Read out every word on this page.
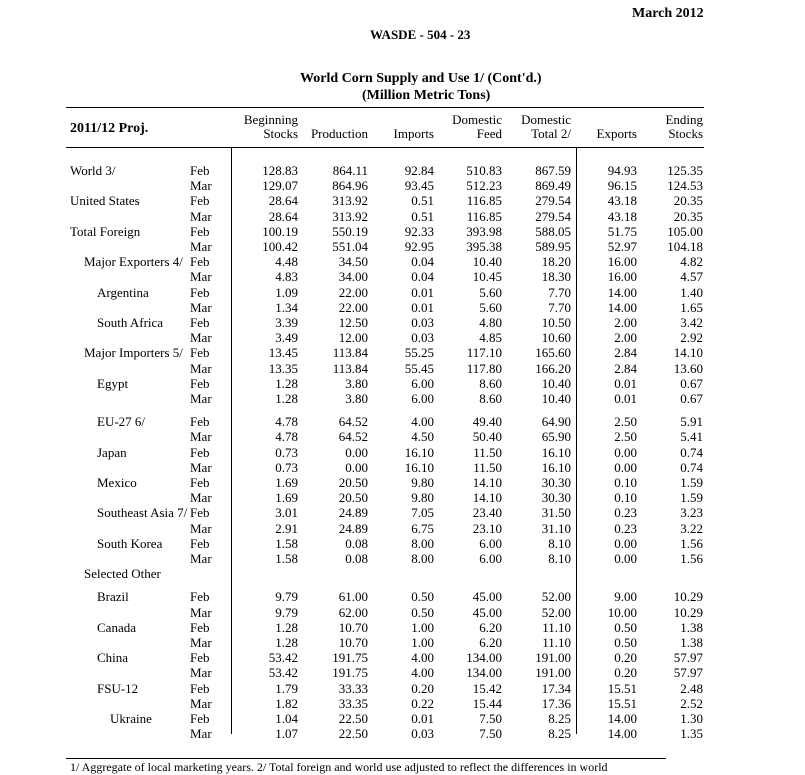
March 2012
WASDE - 504 - 23
World Corn Supply and Use 1/ (Cont'd.)
(Million Metric Tons)
2011/12 Proj.
Beginning
Stocks
Production
Imports
Domestic
Feed
Domestic
Total 2/
Exports
Ending
Stocks
World 3/	Feb	128.83	864.11	92.84 510.83	867.59	94.93 125.35
Mar	129.07	864.96	93.45 512.23	869.49	96.15 124.53
United States	Feb	28.64	313.92	0.51	116.85	279.54	43.18	20.35
Mar	28.64	313.92	0.51	116.85	279.54	43.18	20.35
Total Foreign	Feb	100.19	550.19	92.33 393.98	588.05	51.75 105.00
Mar	100.42	551.04	92.95 395.38	589.95	52.97 104.18
Major Exporters 4/ Feb	4.48	34.50	0.04	10.40	18.20	16.00	4.82
Mar	4.83	34.00	0.04	10.45	18.30	16.00	4.57
Argentina	Feb	1.09	22.00	0.01	5.60	7.70	14.00	1.40
Mar	1.34	22.00	0.01	5.60	7.70	14.00	1.65
South Africa Feb	3.39	12.50	0.03	4.80	10.50	2.00	3.42
Mar	3.49	12.00	0.03	4.85	10.60	2.00	2.92
Major Importers 5/ Feb	13.45	113.84	55.25	117.10	165.60	2.84	14.10
Mar	13.35	113.84	55.45	117.80	166.20	2.84	13.60
Egypt	Feb	1.28	3.80	6.00	8.60	10.40	0.01	0.67
Mar	1.28	3.80	6.00	8.60	10.40	0.01	0.67
EU-27 6/	Feb	4.78	64.52	4.00	49.40	64.90	2.50	5.91
Mar	4.78	64.52	4.50	50.40	65.90	2.50	5.41
Japan	Feb	0.73	0.00	16.10	11.50	16.10	0.00	0.74
Mar	0.73	0.00	16.10	11.50	16.10	0.00	0.74
Mexico	Feb	1.69	20.50	9.80	14.10	30.30	0.10	1.59
Mar	1.69	20.50	9.80	14.10	30.30	0.10	1.59
Southeast Asia 7/ Feb	3.01	24.89	7.05	23.40	31.50	0.23	3.23
Mar	2.91	24.89	6.75	23.10	31.10	0.23	3.22
South Korea Feb	1.58	0.08	8.00	6.00	8.10	0.00	1.56
Mar	1.58	0.08	8.00	6.00	8.10	0.00	1.56
Selected Other
Brazil	Feb	9.79	61.00	0.50	45.00	52.00	9.00	10.29
Mar	9.79	62.00	0.50	45.00	52.00	10.00	10.29
Canada	Feb	1.28	10.70	1.00	6.20	11.10	0.50	1.38
Mar	1.28	10.70	1.00	6.20	11.10	0.50	1.38
China	Feb	53.42	191.75	4.00 134.00	191.00	0.20	57.97
Mar	53.42	191.75	4.00 134.00	191.00	0.20	57.97
FSU-12	Feb	1.79	33.33	0.20	15.42	17.34	15.51	2.48
Mar	1.82	33.35	0.22	15.44	17.36	15.51	2.52
Ukraine	Feb	1.04	22.50	0.01	7.50	8.25	14.00	1.30
Mar	1.07	22.50	0.03	7.50	8.25	14.00	1.35
1/ Aggregate of local marketing years. 2/ Total foreign and world use adjusted to reflect the differences in world
